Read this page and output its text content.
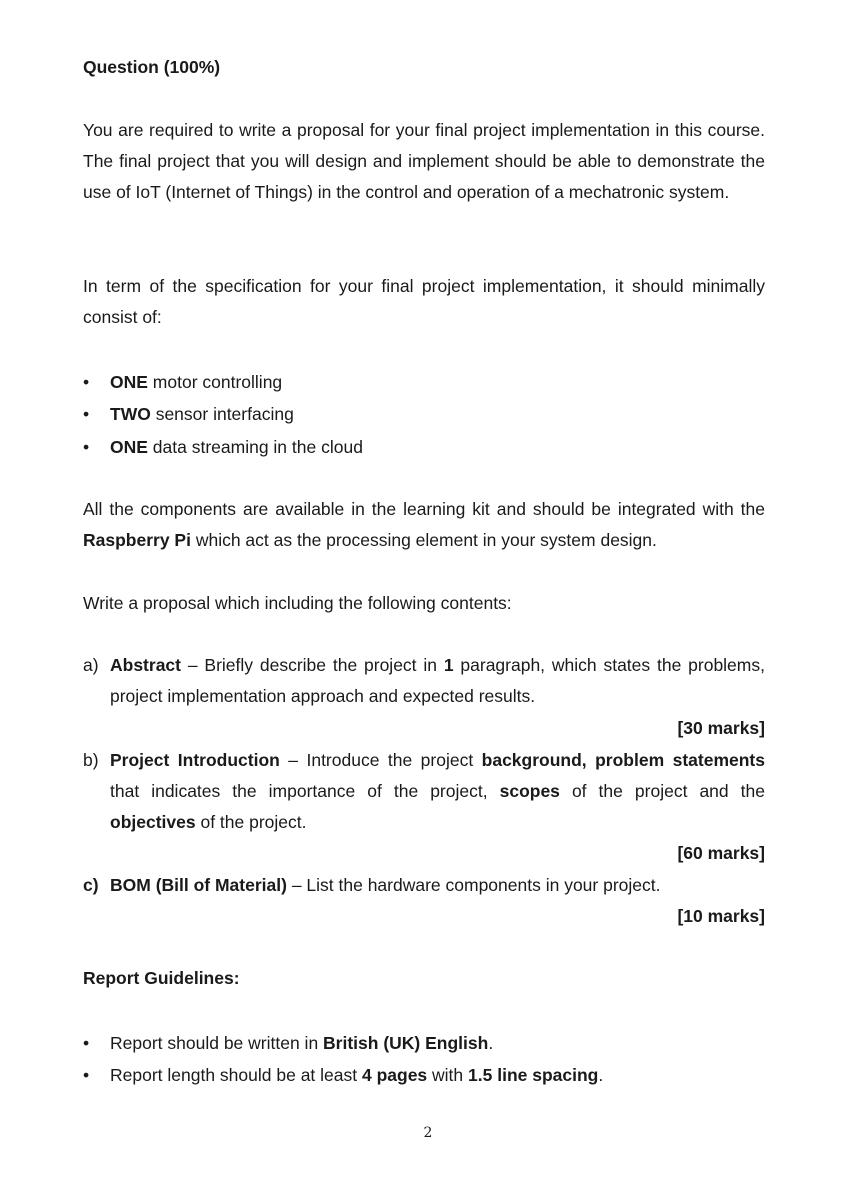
Question (100%)

You are required to write a proposal for your final project implementation in this course. The final project that you will design and implement should be able to demonstrate the use of IoT (Internet of Things) in the control and operation of a mechatronic system.

In term of the specification for your final project implementation, it should minimally consist of:

• ONE motor controlling
• TWO sensor interfacing
• ONE data streaming in the cloud

All the components are available in the learning kit and should be integrated with the Raspberry Pi which act as the processing element in your system design.

Write a proposal which including the following contents:

a) Abstract – Briefly describe the project in 1 paragraph, which states the problems, project implementation approach and expected results.

[30 marks]
b) Project Introduction – Introduce the project background, problem statements that indicates the importance of the project, scopes of the project and the objectives of the project.

[60 marks]
c) BOM (Bill of Material) – List the hardware components in your project.

[10 marks]

Report Guidelines:

• Report should be written in British (UK) English.
• Report length should be at least 4 pages with 1.5 line spacing.
2
